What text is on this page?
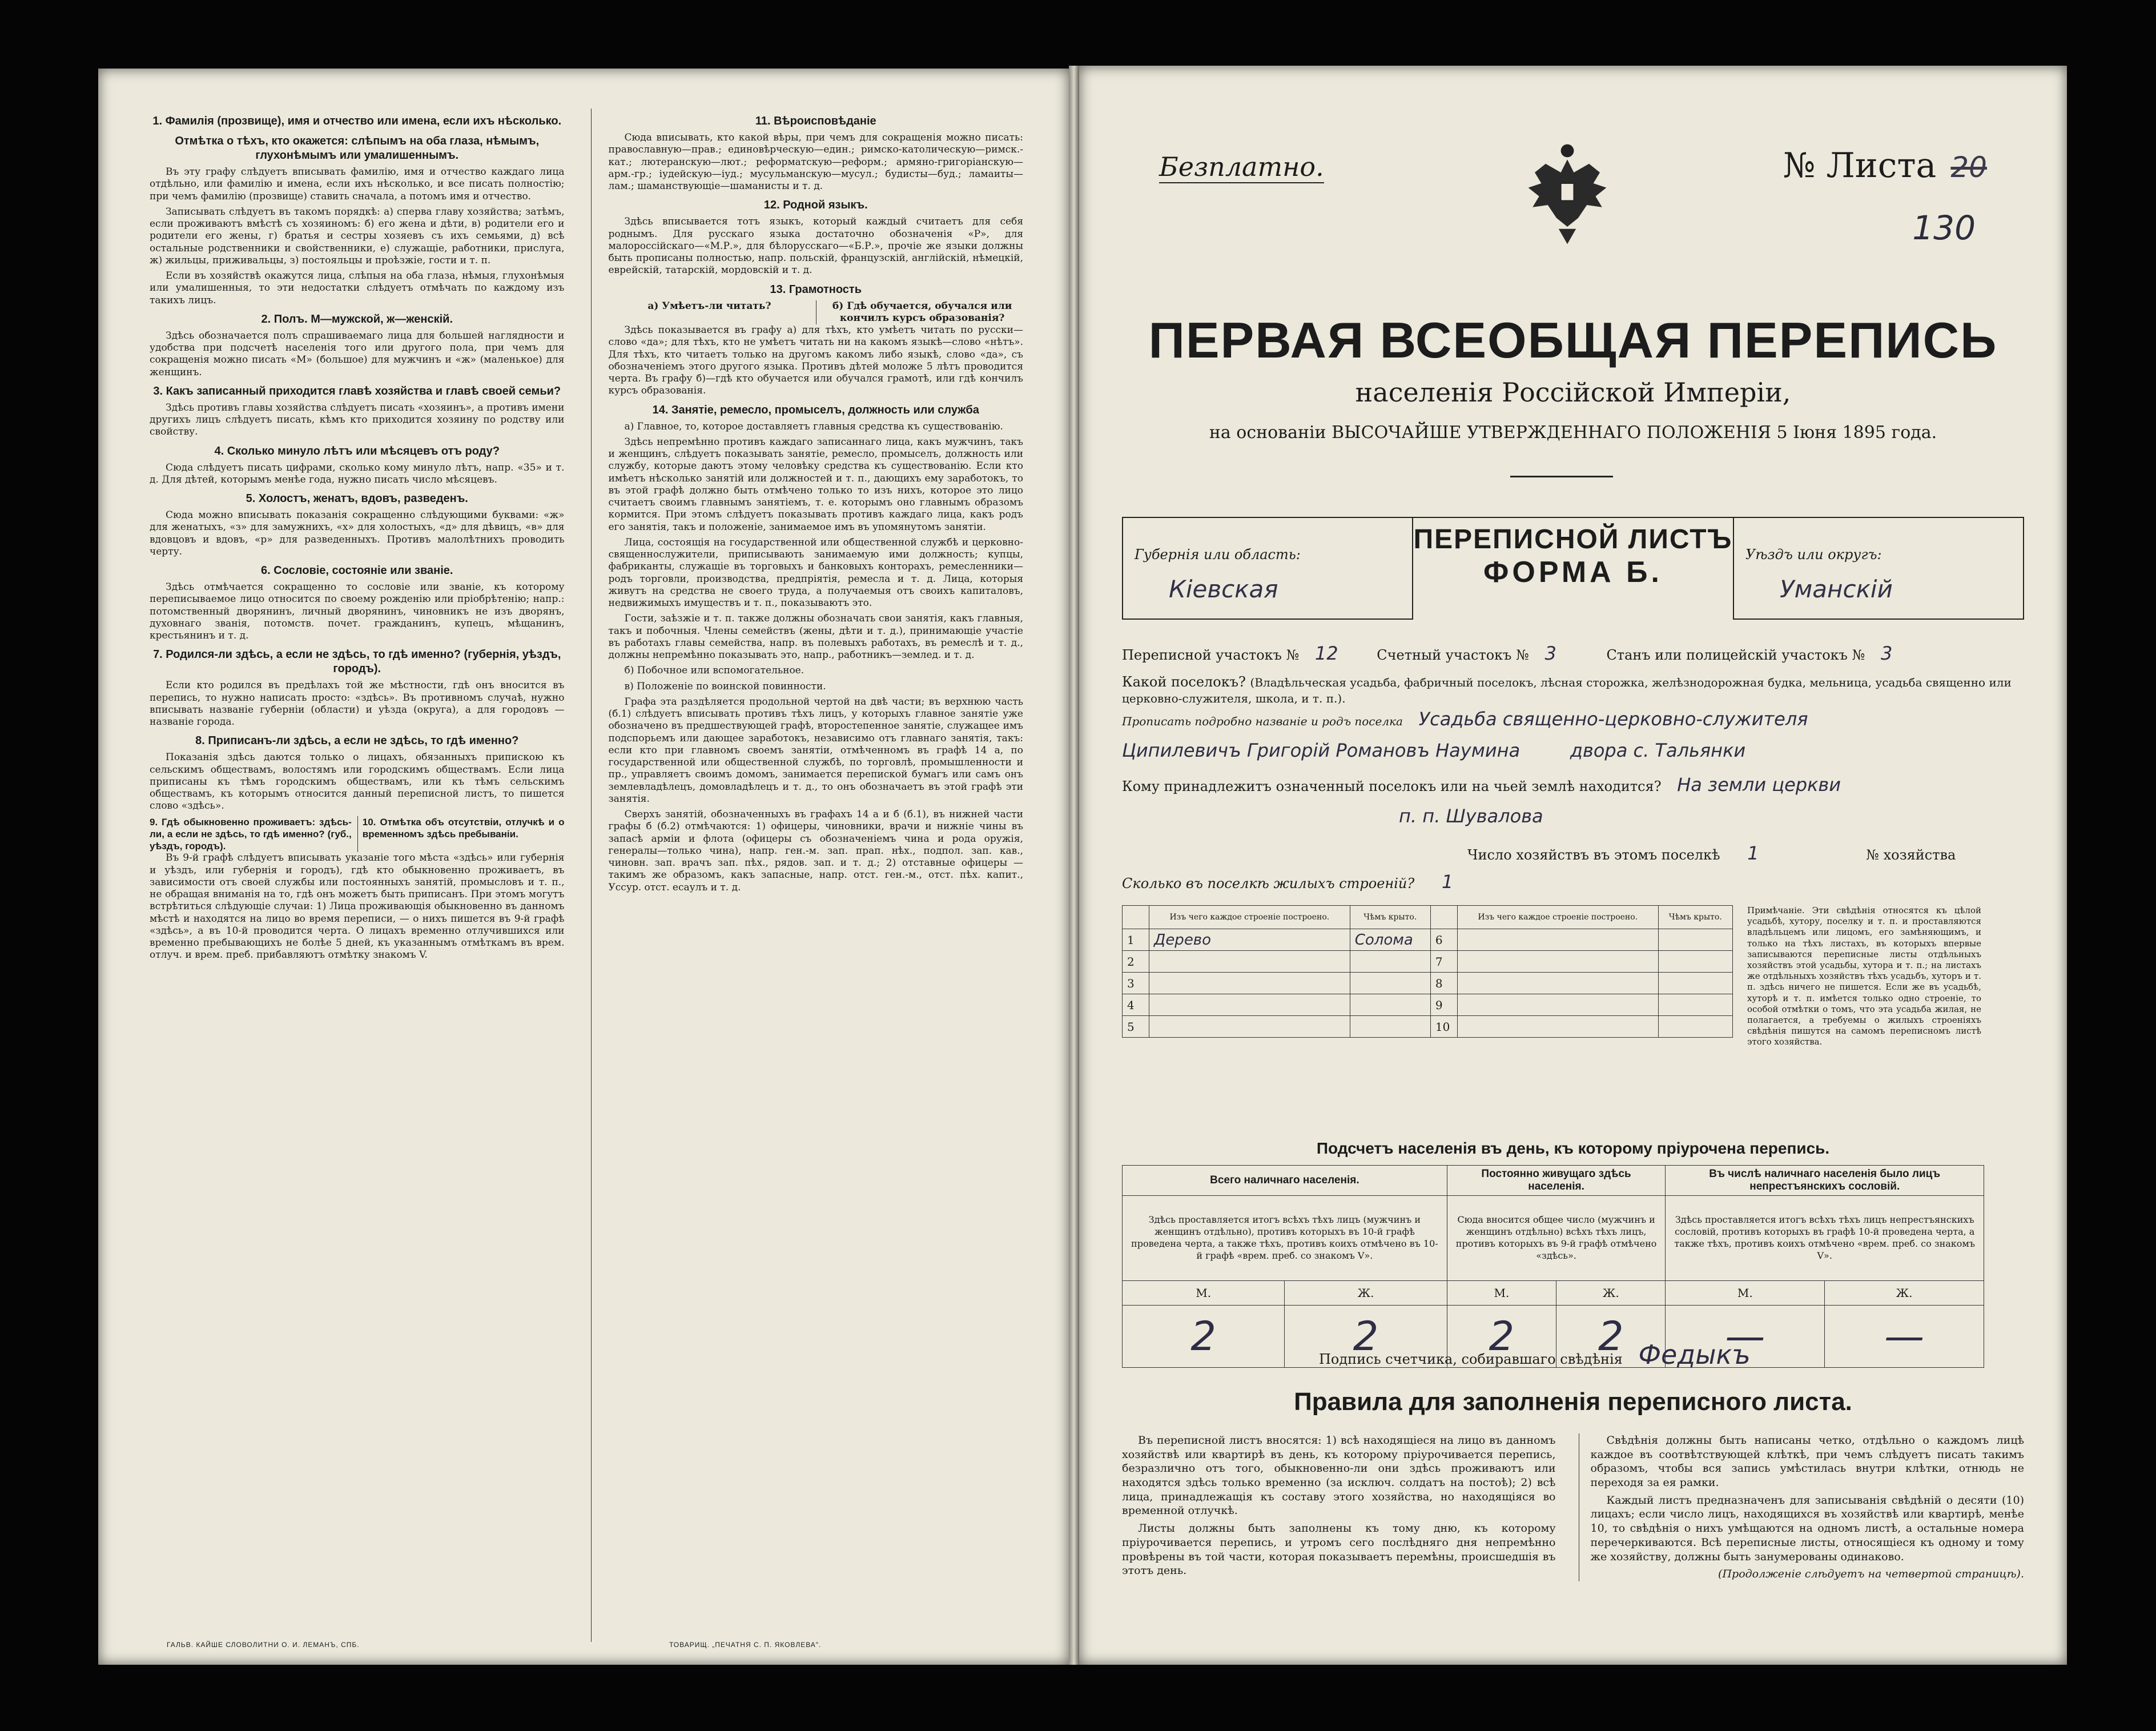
1. Фамилія (прозвище), имя и отчество или имена, если ихъ нѣсколько.
Отмѣтка о тѣхъ, кто окажется: слѣпымъ на оба глаза, нѣмымъ, глухонѣмымъ или умалишеннымъ.

Въ эту графу слѣдуетъ вписывать фамилію, имя и отчество каждаго лица отдѣльно, или фамилію и имена, если ихъ нѣсколько, и все писать полностію; при чемъ фамилію (прозвище) ставить сначала, а потомъ имя и отчество.

Записывать слѣдуетъ въ такомъ порядкѣ: а) сперва главу хозяйства; затѣмъ, если проживаютъ вмѣстѣ съ хозяиномъ: б) его жена и дѣти, в) родители его и родители его жены, г) братья и сестры хозяевъ съ ихъ семьями, д) всѣ остальные родственники и свойственники, е) служащіе, работники, прислуга, ж) жильцы, приживальцы, з) постояльцы и проѣзжіе, гости и т. п.

Если въ хозяйствѣ окажутся лица, слѣпыя на оба глаза, нѣмыя, глухонѣмыя или умалишенныя, то эти недостатки слѣдуетъ отмѣчать по каждому изъ такихъ лицъ.

2. Полъ. М—мужской, ж—женскій.

Здѣсь обозначается полъ спрашиваемаго лица для большей наглядности и удобства при подсчетѣ населенія того или другого пола, при чемъ для сокращенія можно писать «М» (большое) для мужчинъ и «ж» (маленькое) для женщинъ.

3. Какъ записанный приходится главѣ хозяйства и главѣ своей семьи?

Здѣсь противъ главы хозяйства слѣдуетъ писать «хозяинъ», а противъ имени другихъ лицъ слѣдуетъ писать, кѣмъ кто приходится хозяину по родству или свойству.

4. Сколько минуло лѣтъ или мѣсяцевъ отъ роду?

Сюда слѣдуетъ писать цифрами, сколько кому минуло лѣтъ, напр. «35» и т. д. Для дѣтей, которымъ менѣе года, нужно писать число мѣсяцевъ.

5. Холостъ, женатъ, вдовъ, разведенъ.

Сюда можно вписывать показанія сокращенно слѣдующими буквами: «ж» для женатыхъ, «з» для замужнихъ, «х» для холостыхъ, «д» для дѣвицъ, «в» для вдовцовъ и вдовъ, «р» для разведенныхъ. Противъ малолѣтнихъ проводить черту.

6. Сословіе, состояніе или званіе.

Здѣсь отмѣчается сокращенно то сословіе или званіе, къ которому переписываемое лицо относится по своему рожденію или пріобрѣтенію; напр.: потомственный дворянинъ, личный дворянинъ, чиновникъ не изъ дворянъ, духовнаго званія, потомств. почет. гражданинъ, купецъ, мѣщанинъ, крестьянинъ и т. д.

7. Родился-ли здѣсь, а если не здѣсь, то гдѣ именно? (губернія, уѣздъ, городъ).

Если кто родился въ предѣлахъ той же мѣстности, гдѣ онъ вносится въ перепись, то нужно написать просто: «здѣсь». Въ противномъ случаѣ, нужно вписывать названіе губерніи (области) и уѣзда (округа), а для городовъ — названіе города.

8. Приписанъ-ли здѣсь, а если не здѣсь, то гдѣ именно?

Показанія здѣсь даются только о лицахъ, обязанныхъ припискою къ сельскимъ обществамъ, волостямъ или городскимъ обществамъ. Если лица приписаны къ тѣмъ городскимъ обществамъ, или къ тѣмъ сельскимъ обществамъ, къ которымъ относится данный переписной листъ, то пишется слово «здѣсь».

9. Гдѣ обыкновенно проживаетъ: здѣсь-ли, а если не здѣсь, то гдѣ именно? (губ., уѣздъ, городъ).
10. Отмѣтка объ отсутствіи, отлучкѣ и о временномъ здѣсь пребываніи.

Въ 9-й графѣ слѣдуетъ вписывать указаніе того мѣста «здѣсь» или губернія и уѣздъ, или губернія и городъ), гдѣ кто обыкновенно проживаетъ, въ зависимости отъ своей службы или постоянныхъ занятій, промысловъ и т. п., не обращая вниманія на то, гдѣ онъ можетъ быть приписанъ. При этомъ могутъ встрѣтиться слѣдующіе случаи: 1) Лица проживающія обыкновенно въ данномъ мѣстѣ и находятся на лицо во время переписи, — о нихъ пишется въ 9-й графѣ «здѣсь», а въ 10-й проводится черта. О лицахъ временно отлучившихся или временно пребывающихъ не болѣе 5 дней, къ указаннымъ отмѣткамъ въ врем. отлуч. и врем. преб. прибавляютъ отмѣтку знакомъ V.

11. Вѣроисповѣданіе

Сюда вписывать, кто какой вѣры, при чемъ для сокращенія можно писать: православную—прав.; единовѣрческую—един.; римско-католическую—римск.-кат.; лютеранскую—лют.; реформатскую—реформ.; армяно-григоріанскую—арм.-гр.; іудейскую—іуд.; мусульманскую—мусул.; будисты—буд.; ламаиты—лам.; шаманствующіе—шаманисты и т. д.

12. Родной языкъ.

Здѣсь вписывается тотъ языкъ, который каждый считаетъ для себя роднымъ. Для русскаго языка достаточно обозначенія «Р», для малороссійскаго—«М.Р.», для бѣлорусскаго—«Б.Р.», прочіе же языки должны быть прописаны полностью, напр. польскій, французскій, англійскій, нѣмецкій, еврейскій, татарскій, мордовскій и т. д.

13. Грамотность
а) Умѣетъ-ли читать?	б) Гдѣ обучается, обучался или кончилъ курсъ образованія?

Здѣсь показывается въ графу а) для тѣхъ, кто умѣетъ читать по русски—слово «да»; для тѣхъ, кто не умѣетъ читать ни на какомъ языкѣ—слово «нѣтъ». Для тѣхъ, кто читаетъ только на другомъ какомъ либо языкѣ, слово «да», съ обозначеніемъ этого другого языка. Противъ дѣтей моложе 5 лѣтъ проводится черта. Въ графу б)—гдѣ кто обучается или обучался грамотѣ, или гдѣ кончилъ курсъ образованія.

14. Занятіе, ремесло, промыселъ, должность или служба

а) Главное, то, которое доставляетъ главныя средства къ существованію.

Здѣсь непремѣнно противъ каждаго записаннаго лица, какъ мужчинъ, такъ и женщинъ, слѣдуетъ показывать занятіе, ремесло, промыселъ, должность или службу, которые даютъ этому человѣку средства къ существованію. Если кто имѣетъ нѣсколько занятій или должностей и т. п., дающихъ ему заработокъ, то въ этой графѣ должно быть отмѣчено только то изъ нихъ, которое это лицо считаетъ своимъ главнымъ занятіемъ, т. е. которымъ оно главнымъ образомъ кормится. При этомъ слѣдуетъ показывать противъ каждаго лица, какъ родъ его занятія, такъ и положеніе, занимаемое имъ въ упомянутомъ занятіи.

Лица, состоящія на государственной или общественной службѣ и церковно-священнослужители, приписывають занимаемую ими должность; купцы, фабриканты, служащіе въ торговыхъ и банковыхъ конторахъ, ремесленники—родъ торговли, производства, предпріятія, ремесла и т. д. Лица, которыя живутъ на средства не своего труда, а получаемыя отъ своихъ капиталовъ, недвижимыхъ имуществъ и т. п., показываютъ это.

Гости, заѣзжіе и т. п. также должны обозначать свои занятія, какъ главныя, такъ и побочныя. Члены семействъ (жены, дѣти и т. д.), принимающіе участіе въ работахъ главы семейства, напр. въ полевыхъ работахъ, въ ремеслѣ и т. д., должны непремѣнно показывать это, напр., работникъ—землед. и т. д.

б) Побочное или вспомогательное.

в) Положеніе по воинской повинности.

Графа эта раздѣляется продольной чертой на двѣ части; въ верхнюю часть (б.1) слѣдуетъ вписывать противъ тѣхъ лицъ, у которыхъ главное занятіе уже обозначено въ предшествующей графѣ, второстепенное занятіе, служащее имъ подспорьемъ или дающее заработокъ, независимо отъ главнаго занятія, такъ: если кто при главномъ своемъ занятіи, отмѣченномъ въ графѣ 14 а, по государственной или общественной службѣ, по торговлѣ, промышленности и пр., управляетъ своимъ домомъ, занимается перепиской бумагъ или самъ онъ землевладѣлецъ, домовладѣлецъ и т. д., то онъ обозначаетъ въ этой графѣ эти занятія.

Сверхъ занятій, обозначенныхъ въ графахъ 14 а и б (б.1), въ нижней части графы б (б.2) отмѣчаются: 1) офицеры, чиновники, врачи и нижніе чины въ запасѣ армiи и флота (офицеры съ обозначеніемъ чина и рода оружія, генералы—только чина), напр. ген.-м. зап. прап. нѣх., подпол. зап. кав., чиновн. зап. врачъ зап. пѣх., рядов. зап. и т. д.; 2) отставные офицеры — такимъ же образомъ, какъ запасные, напр. отст. ген.-м., отст. пѣх. капит., Уссур. отст. есаулъ и т. д.

ГАЛЬВ. КАЙШЕ СЛОВОЛИТНИ О. И. ЛЕМАНЪ, СПБ.	ТОВАРИЩ. „ПЕЧАТНЯ С. П. ЯКОВЛЕВА".
Безплатно.	№ Листа 20
130
ПЕРВАЯ ВСЕОБЩАЯ ПЕРЕПИСЬ
населенія Россійской Имперіи,
на основаніи ВЫСОЧАЙШЕ УТВЕРЖДЕННАГО ПОЛОЖЕНІЯ 5 Іюня 1895 года.
Губернія или область:
Кіевская
ПЕРЕПИСНОЙ ЛИСТЪ
ФОРМА Б.
Уѣздъ или округъ:
Уманскій
Переписной участокъ № 12	Счетный участокъ № 3	Станъ или полицейскій участокъ № 3
Какой поселокъ? (Владѣльческая усадьба, фабричный поселокъ, лѣсная сторожка, желѣзнодорожная будка, мельница, усадьба священно или церковно-служителя, школа, и т. п.).
Прописать подробно названіе и родъ поселка Усадьба священно-церковно-служителя
Ципилевичъ Григорій Романовъ Наумина	двора с. Тальянки
Кому принадлежитъ означенный поселокъ или на чьей землѣ находится? На земли церкви
п. п. Шувалова
Число хозяйствъ въ этомъ поселкѣ 1	№ хозяйства
Сколько въ поселкѣ жилыхъ строеній? 1
	Изъ чего каждое строеніе построено.	Чѣмъ крыто.		Изъ чего каждое строеніе построено.	Чѣмъ крыто.
1	Дерево	Солома	6		
2			7		
3			8		
4			9		
5			10		
Примѣчаніе. Эти свѣдѣнія относятся къ цѣлой усадьбѣ, хутору, поселку и т. п. и проставляются владѣльцемъ или лицомъ, его замѣняющимъ, и только на тѣхъ листахъ, въ которыхъ впервые записываются переписные листы отдѣльныхъ хозяйствъ этой усадьбы, хутора и т. п.; на листахъ же отдѣльныхъ хозяйствъ тѣхъ усадьбъ, хуторъ и т. п. здѣсь ничего не пишется. Если же въ усадьбѣ, хуторѣ и т. п. имѣется только одно строеніе, то особой отмѣтки о томъ, что эта усадьба жилая, не полагается, а требуемы о жилыхъ строеніяхъ свѣдѣнія пишутся на самомъ переписномъ листѣ этого хозяйства.
Подсчетъ населенія въ день, къ которому пріурочена перепись.
Всего наличнаго населенія.		Постоянно живущаго здѣсь населенія.		Въ числѣ наличнаго населенія было лицъ непрестъянскихъ сословій.	
Здѣсь проставляется итогъ всѣхъ тѣхъ лицъ (мужчинъ и женщинъ отдѣльно), противъ которыхъ въ 10-й графѣ проведена черта, а также тѣхъ, противъ коихъ отмѣчено въ 10-й графѣ «врем. преб. со знакомъ V».		Сюда вносится общее число (мужчинъ и женщинъ отдѣльно) всѣхъ тѣхъ лицъ, противъ которыхъ въ 9-й графѣ отмѣчено «здѣсь».		Здѣсь проставляется итогъ всѣхъ тѣхъ лицъ непрестъянскихъ сословій, противъ которыхъ въ графѣ 10-й проведена черта, а также тѣхъ, противъ коихъ отмѣчено «врем. преб. со знакомъ V».	
М.	Ж.	М.	Ж.	М.	Ж.
2	2	2	2	—	—
Подпись счетчика, собиравшаго свѣдѣнія Федыкъ
Правила для заполненія переписного листа.

Въ переписной листъ вносятся: 1) всѣ находящіеся на лицо въ данномъ хозяйствѣ или квартирѣ въ день, къ которому пріурочивается перепись, безразлично отъ того, обыкновенно-ли они здѣсь проживаютъ или находятся здѣсь только временно (за исключ. солдатъ на постоѣ); 2) всѣ лица, принадлежащія къ составу этого хозяйства, но находящіяся во временной отлучкѣ.

Листы должны быть заполнены къ тому дню, къ которому пріурочивается перепись, и утромъ сего послѣдняго дня непремѣнно провѣрены въ той части, которая показываетъ перемѣны, происшедшія въ этотъ день.

Свѣдѣнія должны быть написаны четко, отдѣльно о каждомъ лицѣ каждое въ соотвѣтствующей клѣткѣ, при чемъ слѣдуетъ писать такимъ образомъ, чтобы вся запись умѣстилась внутри клѣтки, отнюдь не переходя за ея рамки.

Каждый листъ предназначенъ для записыванія свѣдѣній о десяти (10) лицахъ; если число лицъ, находящихся въ хозяйствѣ или квартирѣ, менѣе 10, то свѣдѣнія о нихъ умѣщаются на одномъ листѣ, а остальные номера перечеркиваются. Всѣ переписные листы, относящіеся къ одному и тому же хозяйству, должны быть занумерованы одинаково.

(Продолженіе слѣдуетъ на четвертой страницѣ).
